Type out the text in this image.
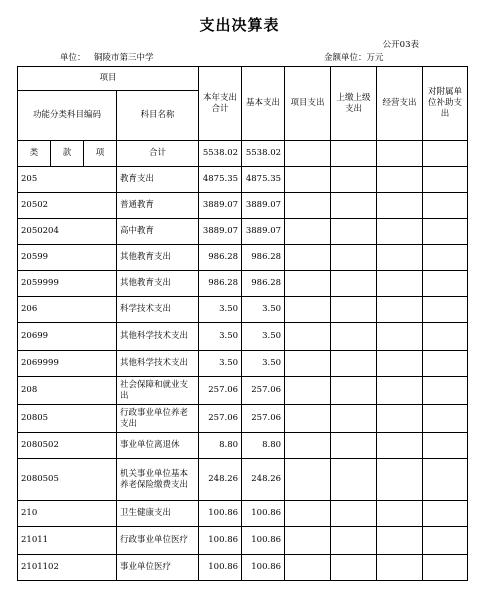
支出决算表
公开03表
单位： 铜陵市第三中学	金额单位：万元
项目				本年支出合计	基本支出	项目支出	上缴上级支出	经营支出	对附属单位补助支出
功能分类科目编码			科目名称						
类	款	项	合计	5538.02	5538.02				
205			教育支出	4875.35	4875.35				
20502			普通教育	3889.07	3889.07				
2050204			高中教育	3889.07	3889.07				
20599			其他教育支出	986.28	986.28				
2059999			其他教育支出	986.28	986.28				
206			科学技术支出	3.50	3.50				
20699			其他科学技术支出	3.50	3.50				
2069999			其他科学技术支出	3.50	3.50				
208			社会保障和就业支出	257.06	257.06				
20805			行政事业单位养老支出	257.06	257.06				
2080502			事业单位离退休	8.80	8.80				
2080505			机关事业单位基本养老保险缴费支出	248.26	248.26				
210			卫生健康支出	100.86	100.86				
21011			行政事业单位医疗	100.86	100.86				
2101102			事业单位医疗	100.86	100.86				
